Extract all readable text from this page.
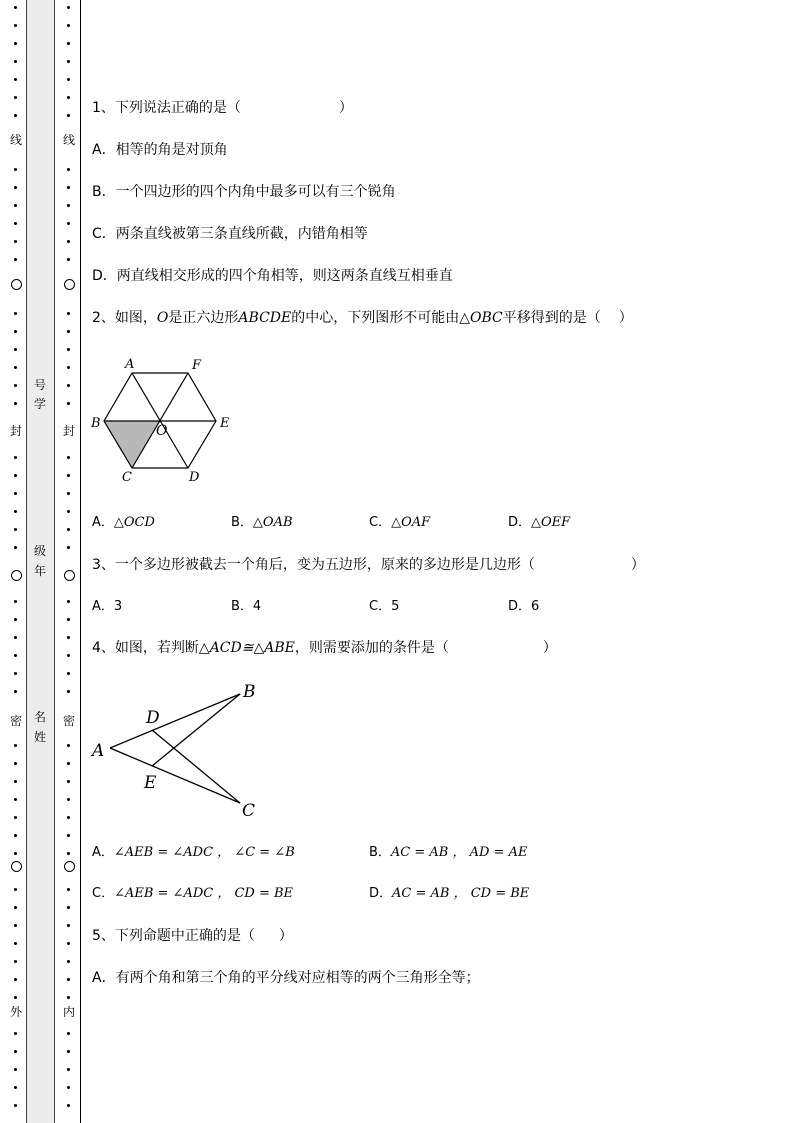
线
封
密
外
线
封
密
内
号
学
级
年
名
姓
1、下列说法正确的是（	）
A．相等的角是对顶角
B．一个四边形的四个内角中最多可以有三个锐角
C．两条直线被第三条直线所截，内错角相等
D．两直线相交形成的四个角相等，则这两条直线互相垂直
2、如图，O是正六边形ABCDE的中心，下列图形不可能由△OBC平移得到的是（ ）
A	F
B	O	E
C	D
A．△OCD	B．△OAB	C．△OAF	D．△OEF
3、一个多边形被截去一个角后，变为五边形，原来的多边形是几边形（	）
A．3	B．4	C．5	D．6
4、如图，若判断△ACD≅△ABE，则需要添加的条件是（	）
B
D
A
E
C
A．∠AEB = ∠ADC ， ∠C = ∠B	B．AC = AB ， AD = AE
C．∠AEB = ∠ADC ， CD = BE	D．AC = AB ， CD = BE
5、下列命题中正确的是（ ）
A．有两个角和第三个角的平分线对应相等的两个三角形全等；
